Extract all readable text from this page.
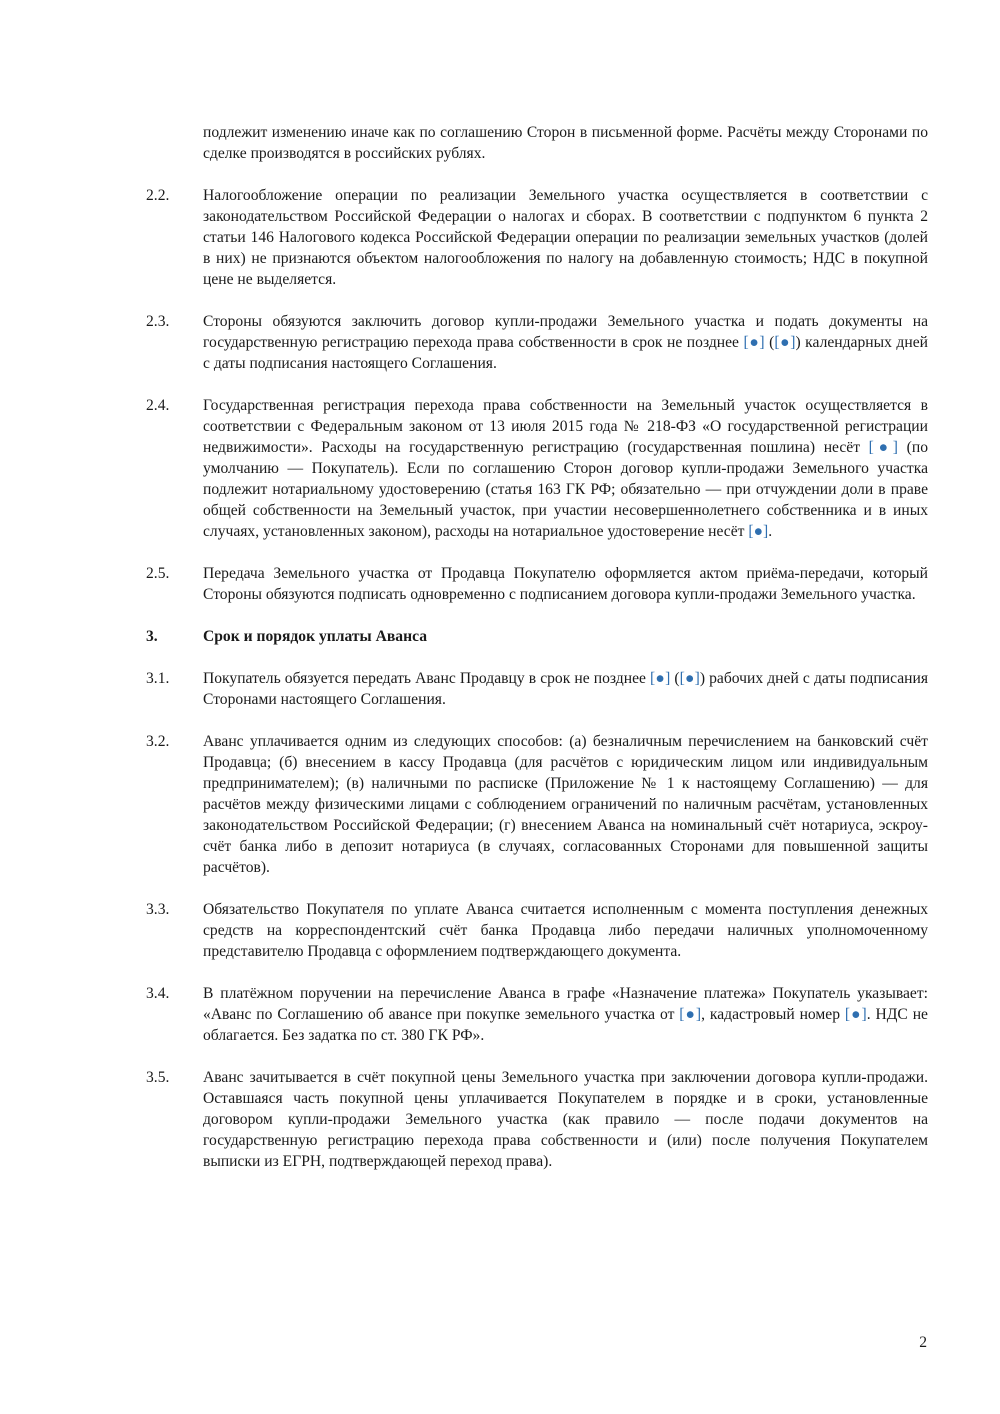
подлежит изменению иначе как по соглашению Сторон в письменной форме. Расчёты между Сторонами по сделке производятся в российских рублях.
2.2.	Налогообложение операции по реализации Земельного участка осуществляется в соответствии с законодательством Российской Федерации о налогах и сборах. В соответствии с подпунктом 6 пункта 2 статьи 146 Налогового кодекса Российской Федерации операции по реализации земельных участков (долей в них) не признаются объектом налогообложения по налогу на добавленную стоимость; НДС в покупной цене не выделяется.
2.3.	Стороны обязуются заключить договор купли-продажи Земельного участка и подать документы на государственную регистрацию перехода права собственности в срок не позднее [●] ([●]) календарных дней с даты подписания настоящего Соглашения.
2.4.	Государственная регистрация перехода права собственности на Земельный участок осуществляется в соответствии с Федеральным законом от 13 июля 2015 года № 218-ФЗ «О государственной регистрации недвижимости». Расходы на государственную регистрацию (государственная пошлина) несёт [●] (по умолчанию — Покупатель). Если по соглашению Сторон договор купли-продажи Земельного участка подлежит нотариальному удостоверению (статья 163 ГК РФ; обязательно — при отчуждении доли в праве общей собственности на Земельный участок, при участии несовершеннолетнего собственника и в иных случаях, установленных законом), расходы на нотариальное удостоверение несёт [●].
2.5.	Передача Земельного участка от Продавца Покупателю оформляется актом приёма-передачи, который Стороны обязуются подписать одновременно с подписанием договора купли-продажи Земельного участка.
3.	Срок и порядок уплаты Аванса
3.1.	Покупатель обязуется передать Аванс Продавцу в срок не позднее [●] ([●]) рабочих дней с даты подписания Сторонами настоящего Соглашения.
3.2.	Аванс уплачивается одним из следующих способов: (а) безналичным перечислением на банковский счёт Продавца; (б) внесением в кассу Продавца (для расчётов с юридическим лицом или индивидуальным предпринимателем); (в) наличными по расписке (Приложение № 1 к настоящему Соглашению) — для расчётов между физическими лицами с соблюдением ограничений по наличным расчётам, установленных законодательством Российской Федерации; (г) внесением Аванса на номинальный счёт нотариуса, эскроу-счёт банка либо в депозит нотариуса (в случаях, согласованных Сторонами для повышенной защиты расчётов).
3.3.	Обязательство Покупателя по уплате Аванса считается исполненным с момента поступления денежных средств на корреспондентский счёт банка Продавца либо передачи наличных уполномоченному представителю Продавца с оформлением подтверждающего документа.
3.4.	В платёжном поручении на перечисление Аванса в графе «Назначение платежа» Покупатель указывает: «Аванс по Соглашению об авансе при покупке земельного участка от [●], кадастровый номер [●]. НДС не облагается. Без задатка по ст. 380 ГК РФ».
3.5.	Аванс зачитывается в счёт покупной цены Земельного участка при заключении договора купли-продажи. Оставшаяся часть покупной цены уплачивается Покупателем в порядке и в сроки, установленные договором купли-продажи Земельного участка (как правило — после подачи документов на государственную регистрацию перехода права собственности и (или) после получения Покупателем выписки из ЕГРН, подтверждающей переход права).
2
